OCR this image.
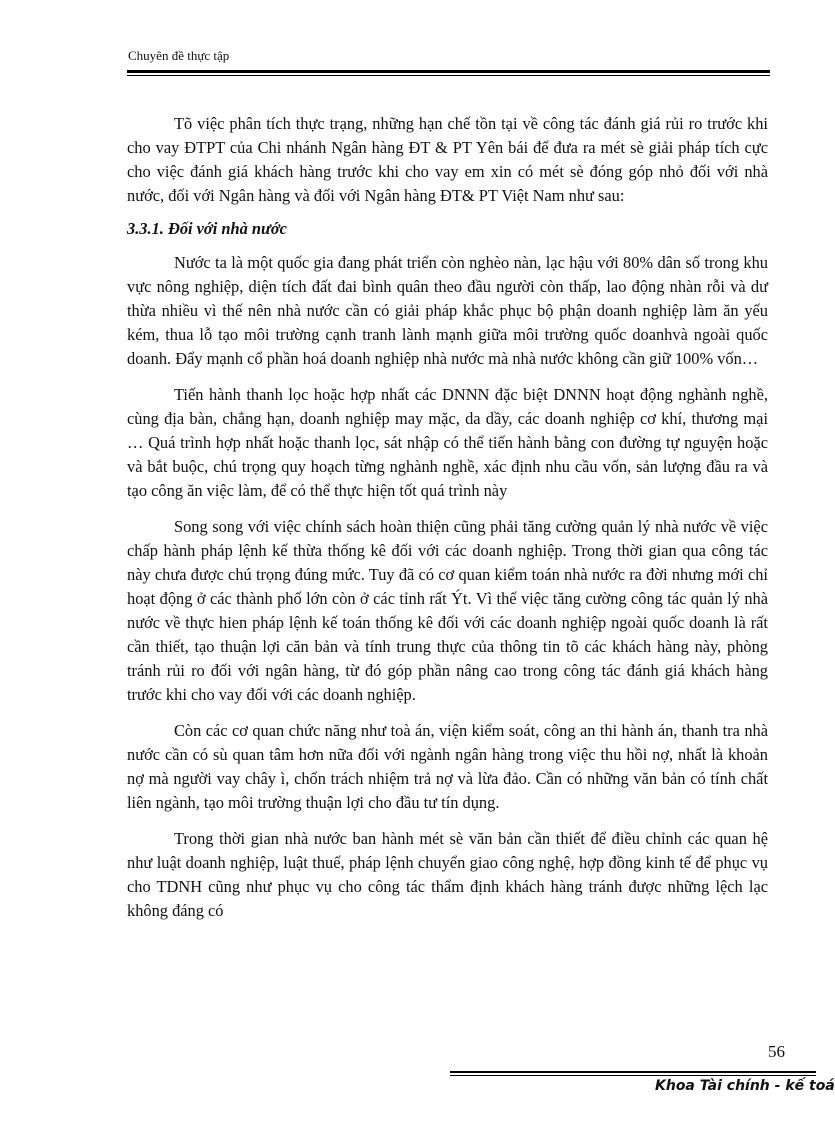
Chuyên đề thực tập

Tõ việc phân tích thực trạng, những hạn chế tồn tại về công tác đánh giá rủi ro trước khi cho vay ĐTPT của Chi nhánh Ngân hàng ĐT & PT Yên bái để đưa ra mét sè giải pháp tích cực cho việc đánh giá khách hàng trước khi cho vay em xin có mét sè đóng góp nhỏ đối với nhà nước, đối với Ngân hàng và đối với Ngân hàng ĐT& PT Việt Nam như sau:

3.3.1. Đối với nhà nước

Nước ta là một quốc gia đang phát triển còn nghèo nàn, lạc hậu với 80% dân số trong khu vực nông nghiệp, diện tích đất đai bình quân theo đầu người còn thấp, lao động nhàn rỗi và dư thừa nhiều vì thế nên nhà nước cần có giải pháp khắc phục bộ phận doanh nghiệp làm ăn yếu kém, thua lỗ tạo môi trường cạnh tranh lành mạnh giữa môi trường quốc doanhvà ngoài quốc doanh. Đẩy mạnh cổ phần hoá doanh nghiệp nhà nước mà nhà nước không cần giữ 100% vốn…

Tiến hành thanh lọc hoặc hợp nhất các DNNN đặc biệt DNNN hoạt động nghành nghề, cùng địa bàn, chẳng hạn, doanh nghiệp may mặc, da dầy, các doanh nghiệp cơ khí, thương mại … Quá trình hợp nhất hoặc thanh lọc, sát nhập có thể tiến hành bằng con đường tự nguyện hoặc và bắt buộc, chú trọng quy hoạch từng nghành nghề, xác định nhu cầu vốn, sản lượng đầu ra và tạo công ăn việc làm, để có thể thực hiện tốt quá trình này

Song song với việc chính sách hoàn thiện cũng phải tăng cường quản lý nhà nước về việc chấp hành pháp lệnh kế thừa thống kê đối với các doanh nghiệp. Trong thời gian qua công tác này chưa được chú trọng đúng mức. Tuy đã có cơ quan kiểm toán nhà nước ra đời nhưng mới chỉ hoạt động ở các thành phố lớn còn ở các tỉnh rất Ýt. Vì thế việc tăng cường công tác quản lý nhà nước về thực hien pháp lệnh kế toán thống kê đối với các doanh nghiệp ngoài quốc doanh là rất cần thiết, tạo thuận lợi căn bản và tính trung thực của thông tin tõ các khách hàng này, phòng tránh rủi ro đối với ngân hàng, từ đó góp phần nâng cao trong công tác đánh giá khách hàng trước khi cho vay đối với các doanh nghiệp.

Còn các cơ quan chức năng như toà án, viện kiểm soát, công an thi hành án, thanh tra nhà nước cần có sù quan tâm hơn nữa đối với ngành ngân hàng trong việc thu hồi nợ, nhất là khoản nợ mà người vay chây ì, chốn trách nhiệm trả nợ và lừa đảo. Cần có những văn bản có tính chất liên ngành, tạo môi trường thuận lợi cho đầu tư tín dụng.

Trong thời gian nhà nước ban hành mét sè văn bản cần thiết để điều chỉnh các quan hệ như luật doanh nghiệp, luật thuế, pháp lệnh chuyển giao công nghệ, hợp đồng kinh tế để phục vụ cho TDNH cũng như phục vụ cho công tác thẩm định khách hàng tránh được những lệch lạc không đáng có

56
Khoa Tài chính - kế toá
